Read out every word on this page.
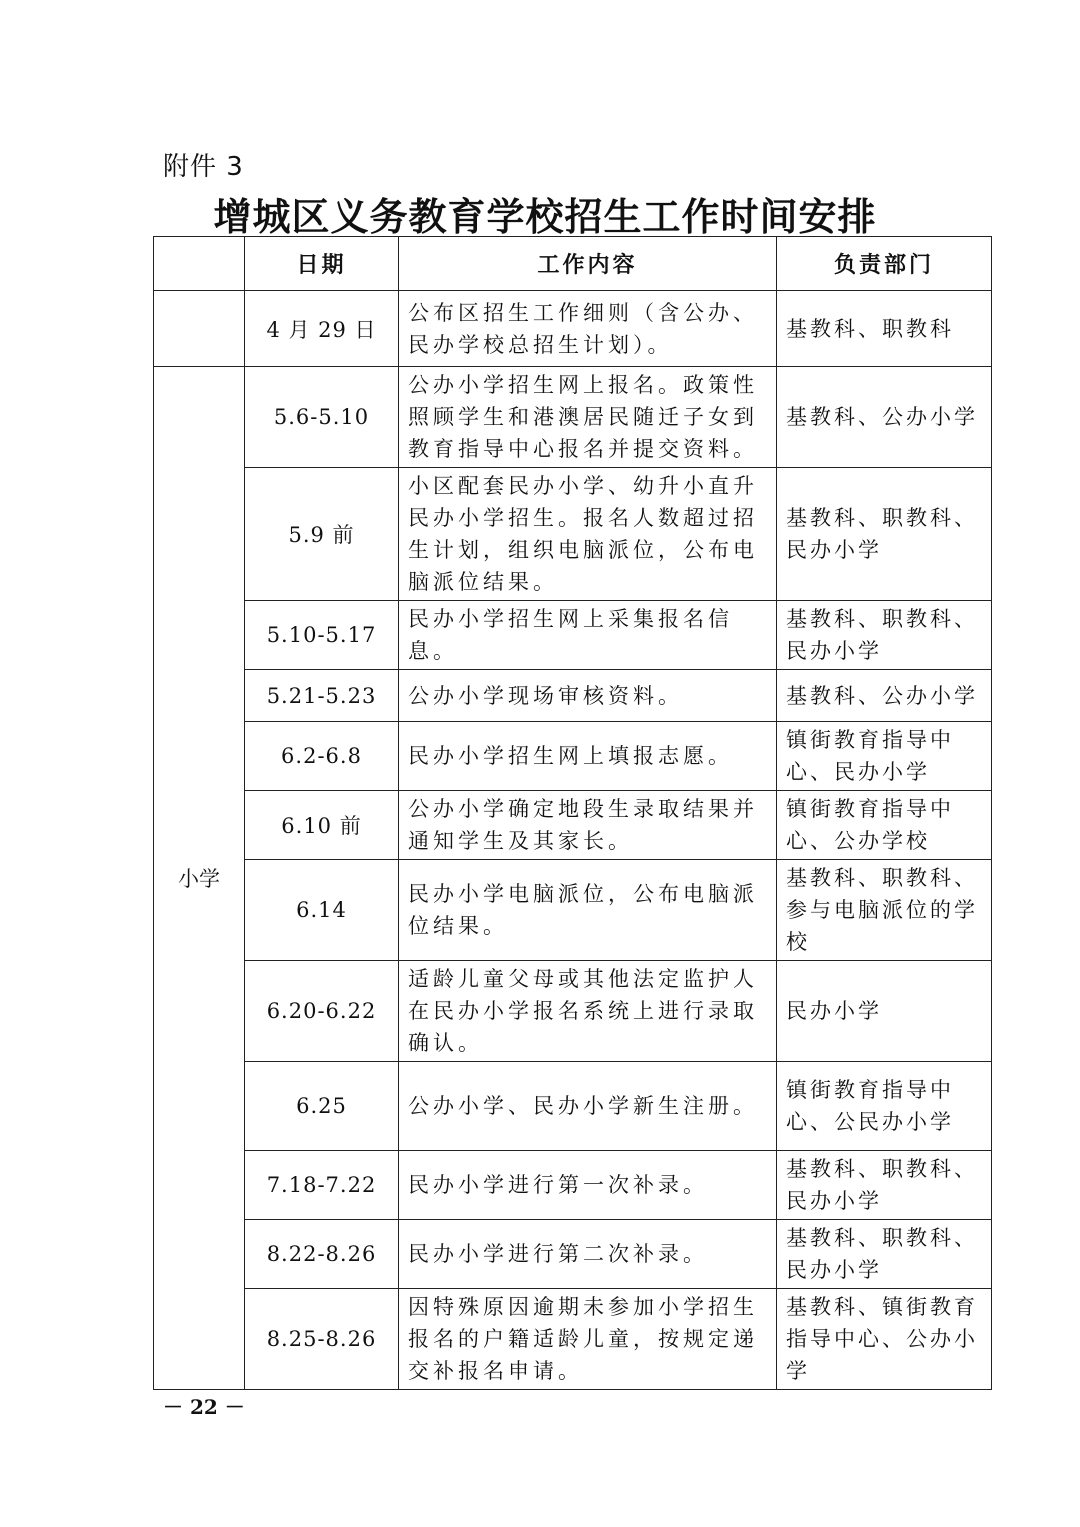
附件 3
增城区义务教育学校招生工作时间安排
	日期	工作内容	负责部门
	4 月 29 日	公布区招生工作细则（含公办、民办学校总招生计划）。	基教科、职教科
小学	5.6-5.10	公办小学招生网上报名。政策性照顾学生和港澳居民随迁子女到教育指导中心报名并提交资料。	基教科、公办小学
	5.9 前	小区配套民办小学、幼升小直升民办小学招生。报名人数超过招生计划，组织电脑派位，公布电脑派位结果。	基教科、职教科、民办小学
	5.10-5.17	民办小学招生网上采集报名信息。	基教科、职教科、民办小学
	5.21-5.23	公办小学现场审核资料。	基教科、公办小学
	6.2-6.8	民办小学招生网上填报志愿。	镇街教育指导中心、民办小学
	6.10 前	公办小学确定地段生录取结果并通知学生及其家长。	镇街教育指导中心、公办学校
	6.14	民办小学电脑派位，公布电脑派位结果。	基教科、职教科、参与电脑派位的学校
	6.20-6.22	适龄儿童父母或其他法定监护人在民办小学报名系统上进行录取确认。	民办小学
	6.25	公办小学、民办小学新生注册。	镇街教育指导中心、公民办小学
	7.18-7.22	民办小学进行第一次补录。	基教科、职教科、民办小学
	8.22-8.26	民办小学进行第二次补录。	基教科、职教科、民办小学
	8.25-8.26	因特殊原因逾期未参加小学招生报名的户籍适龄儿童，按规定递交补报名申请。	基教科、镇街教育指导中心、公办小学
－ 22 －
